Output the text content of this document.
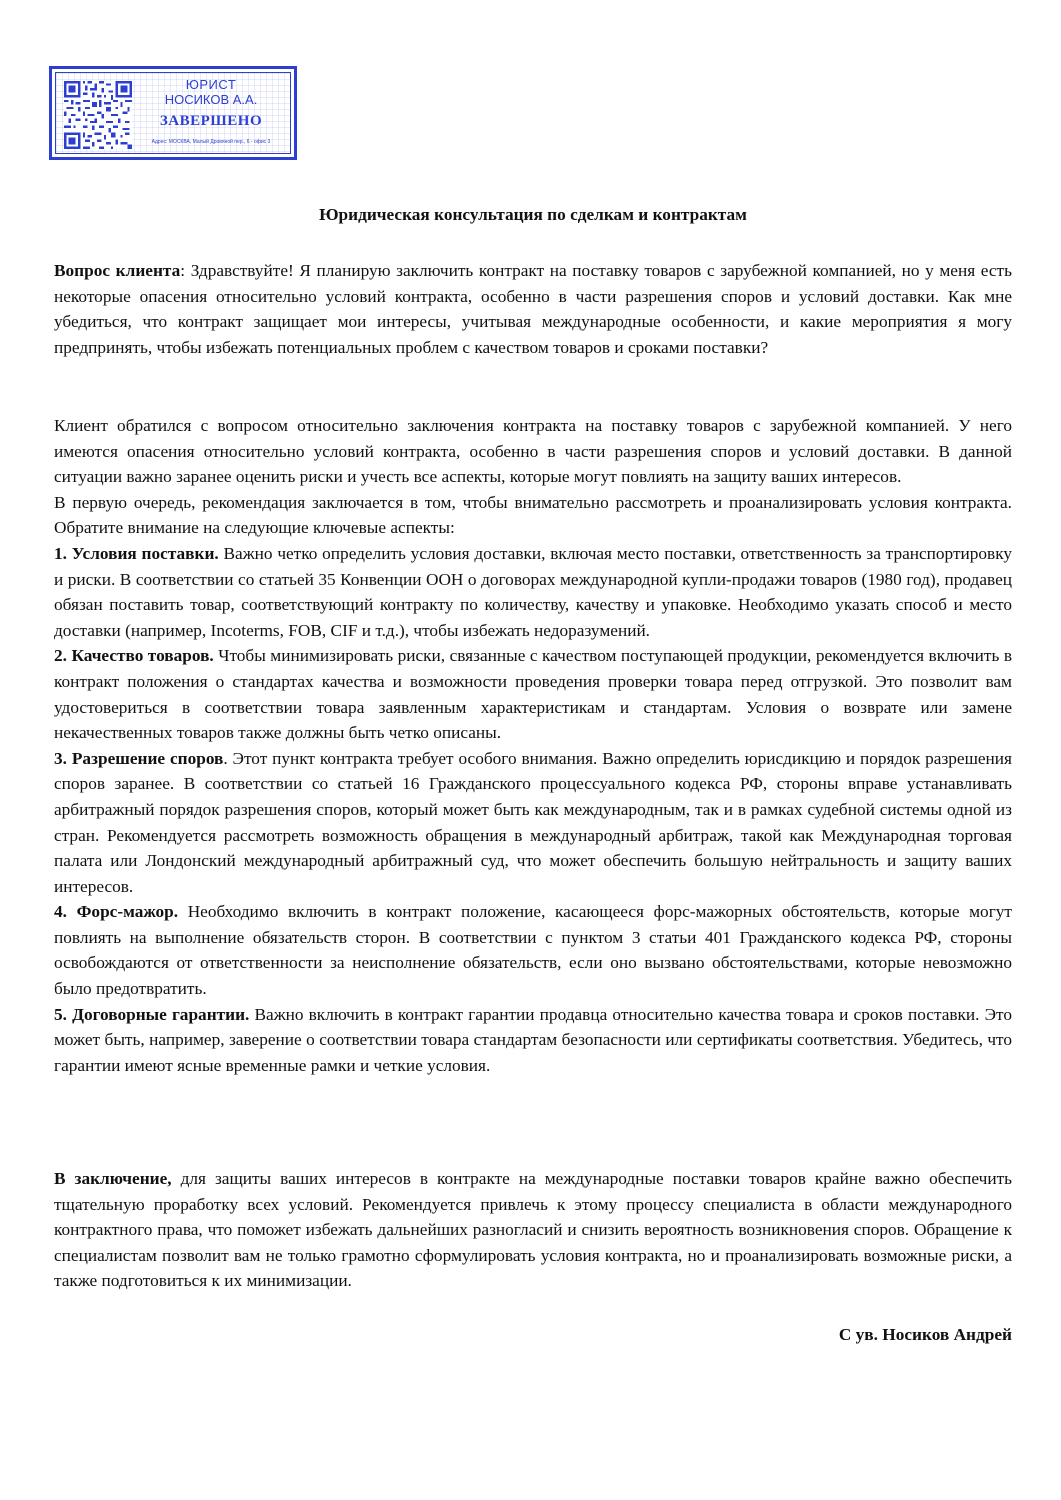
ЮРИСТ
НОСИКОВ А.А.
ЗАВЕРШЕНО
Адрес: МОСКВА, Малый Дровяной пер., 6 - офис 3
Юридическая консультация по сделкам и контрактам

Вопрос клиента: Здравствуйте! Я планирую заключить контракт на поставку товаров с зарубежной компанией, но у меня есть некоторые опасения относительно условий контракта, особенно в части разрешения споров и условий доставки. Как мне убедиться, что контракт защищает мои интересы, учитывая международные особенности, и какие мероприятия я могу предпринять, чтобы избежать потенциальных проблем с качеством товаров и сроками поставки?

Клиент обратился с вопросом относительно заключения контракта на поставку товаров с зарубежной компанией. У него имеются опасения относительно условий контракта, особенно в части разрешения споров и условий доставки. В данной ситуации важно заранее оценить риски и учесть все аспекты, которые могут повлиять на защиту ваших интересов.

В первую очередь, рекомендация заключается в том, чтобы внимательно рассмотреть и проанализировать условия контракта. Обратите внимание на следующие ключевые аспекты:

1. Условия поставки. Важно четко определить условия доставки, включая место поставки, ответственность за транспортировку и риски. В соответствии со статьей 35 Конвенции ООН о договорах международной купли-продажи товаров (1980 год), продавец обязан поставить товар, соответствующий контракту по количеству, качеству и упаковке. Необходимо указать способ и место доставки (например, Incoterms, FOB, CIF и т.д.), чтобы избежать недоразумений.

2. Качество товаров. Чтобы минимизировать риски, связанные с качеством поступающей продукции, рекомендуется включить в контракт положения о стандартах качества и возможности проведения проверки товара перед отгрузкой. Это позволит вам удостовериться в соответствии товара заявленным характеристикам и стандартам. Условия о возврате или замене некачественных товаров также должны быть четко описаны.

3. Разрешение споров. Этот пункт контракта требует особого внимания. Важно определить юрисдикцию и порядок разрешения споров заранее. В соответствии со статьей 16 Гражданского процессуального кодекса РФ, стороны вправе устанавливать арбитражный порядок разрешения споров, который может быть как международным, так и в рамках судебной системы одной из стран. Рекомендуется рассмотреть возможность обращения в международный арбитраж, такой как Международная торговая палата или Лондонский международный арбитражный суд, что может обеспечить большую нейтральность и защиту ваших интересов.

4. Форс-мажор. Необходимо включить в контракт положение, касающееся форс-мажорных обстоятельств, которые могут повлиять на выполнение обязательств сторон. В соответствии с пунктом 3 статьи 401 Гражданского кодекса РФ, стороны освобождаются от ответственности за неисполнение обязательств, если оно вызвано обстоятельствами, которые невозможно было предотвратить.

5. Договорные гарантии. Важно включить в контракт гарантии продавца относительно качества товара и сроков поставки. Это может быть, например, заверение о соответствии товара стандартам безопасности или сертификаты соответствия. Убедитесь, что гарантии имеют ясные временные рамки и четкие условия.

В заключение, для защиты ваших интересов в контракте на международные поставки товаров крайне важно обеспечить тщательную проработку всех условий. Рекомендуется привлечь к этому процессу специалиста в области международного контрактного права, что поможет избежать дальнейших разногласий и снизить вероятность возникновения споров. Обращение к специалистам позволит вам не только грамотно сформулировать условия контракта, но и проанализировать возможные риски, а также подготовиться к их минимизации.

С ув. Носиков Андрей
